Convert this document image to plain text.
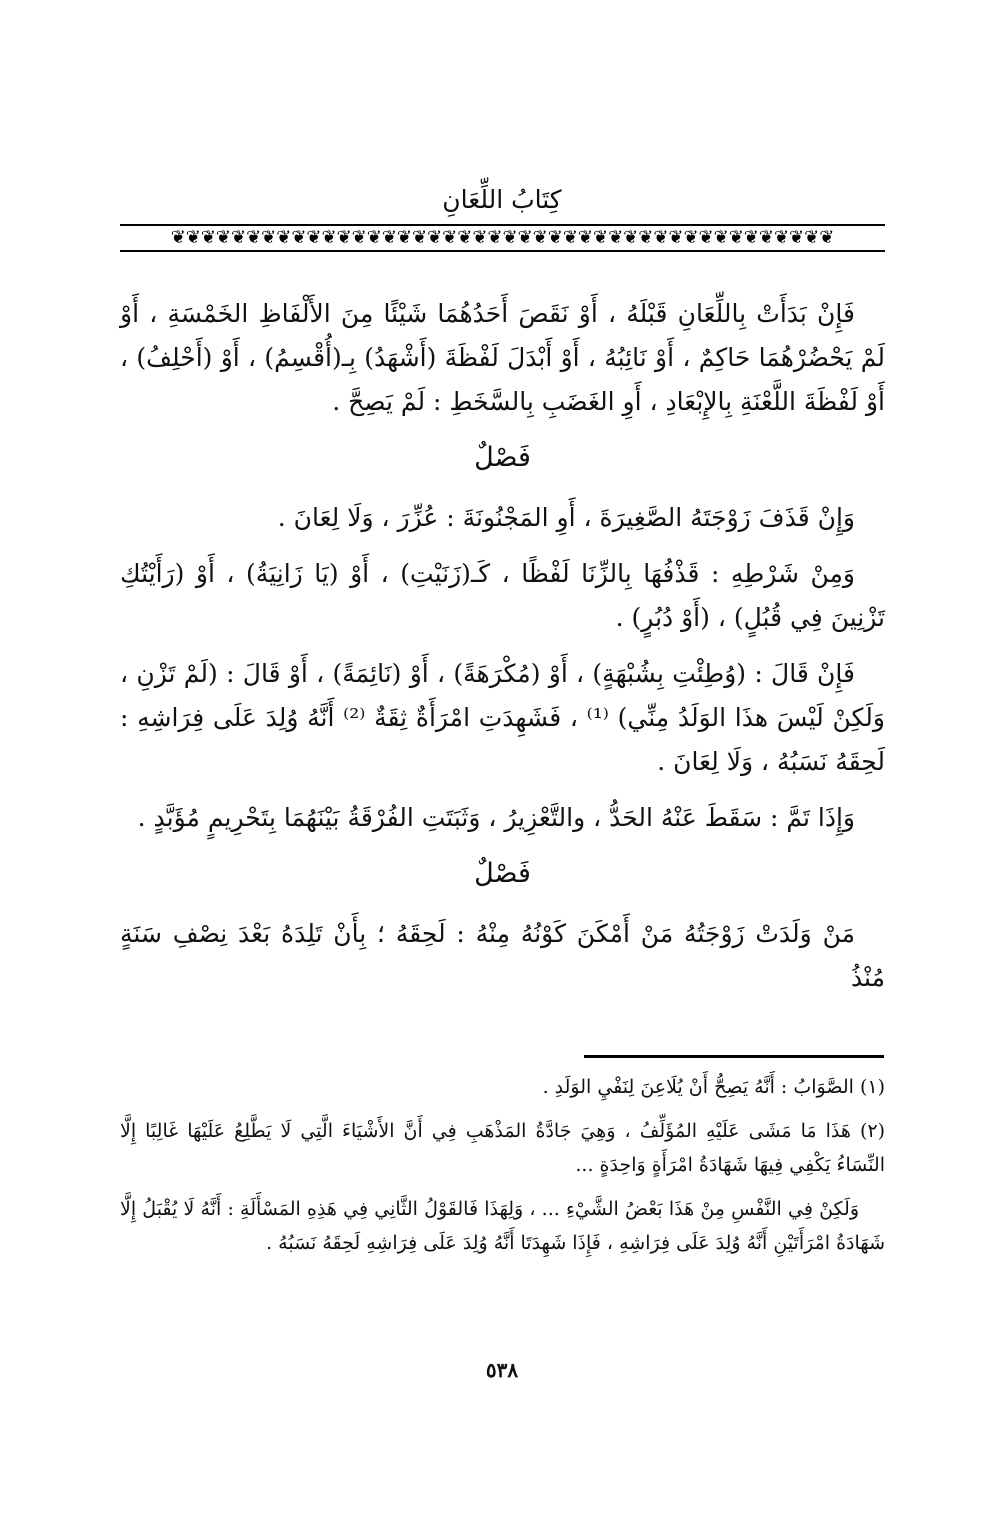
كِتَابُ اللِّعَانِ
❦❦❦❦❦❦❦❦❦❦❦❦❦❦❦❦❦❦❦❦❦❦❦❦❦❦❦❦❦❦❦❦❦❦❦❦❦❦❦❦❦❦❦❦

فَإِنْ بَدَأَتْ بِاللِّعَانِ قَبْلَهُ ، أَوْ نَقَصَ أَحَدُهُمَا شَيْئًا مِنَ الأَلْفَاظِ الخَمْسَةِ ، أَوْ لَمْ يَحْضُرْهُمَا حَاكِمٌ ، أَوْ نَائِبُهُ ، أَوْ أَبْدَلَ لَفْظَةَ (أَشْهَدُ) بِـ(أُقْسِمُ) ، أَوْ (أَحْلِفُ) ، أَوْ لَفْظَةَ اللَّعْنَةِ بِالإِبْعَادِ ، أَوِ الغَضَبِ بِالسَّخَطِ : لَمْ يَصِحَّ .

فَصْلٌ

وَإِنْ قَذَفَ زَوْجَتَهُ الصَّغِيرَةَ ، أَوِ المَجْنُونَةَ : عُزِّرَ ، وَلَا لِعَانَ .

وَمِنْ شَرْطِهِ : قَذْفُهَا بِالزِّنَا لَفْظًا ، كَـ(زَنَيْتِ) ، أَوْ (يَا زَانِيَةُ) ، أَوْ (رَأَيْتُكِ تَزْنِينَ فِي قُبُلٍ) ، (أَوْ دُبُرٍ) .

فَإِنْ قَالَ : (وُطِئْتِ بِشُبْهَةٍ) ، أَوْ (مُكْرَهَةً) ، أَوْ (نَائِمَةً) ، أَوْ قَالَ : (لَمْ تَزْنِ ، وَلَكِنْ لَيْسَ هذَا الوَلَدُ مِنِّي) ⁽¹⁾ ، فَشَهِدَتِ امْرَأَةٌ ثِقَةٌ ⁽²⁾ أَنَّهُ وُلِدَ عَلَى فِرَاشِهِ : لَحِقَهُ نَسَبُهُ ، وَلَا لِعَانَ .

وَإِذَا تَمَّ : سَقَطَ عَنْهُ الحَدُّ ، والتَّعْزِيرُ ، وَثَبَتَتِ الفُرْقَةُ بَيْنَهُمَا بِتَحْرِيمٍ مُؤَبَّدٍ .

فَصْلٌ

مَنْ وَلَدَتْ زَوْجَتُهُ مَنْ أَمْكَنَ كَوْنُهُ مِنْهُ : لَحِقَهُ ؛ بِأَنْ تَلِدَهُ بَعْدَ نِصْفِ سَنَةٍ مُنْذُ

(١) الصَّوَابُ : أَنَّهُ يَصِحُّ أَنْ يُلَاعِنَ لِنَفْيِ الوَلَدِ .

(٢) هَذَا مَا مَشَى عَلَيْهِ المُؤَلِّفُ ، وَهِيَ جَادَّةُ المَذْهَبِ فِي أَنَّ الأَشْيَاءَ الَّتِي لَا يَطَّلِعُ عَلَيْهَا غَالِبًا إِلَّا النِّسَاءُ يَكْفِي فِيهَا شَهَادَةُ امْرَأَةٍ وَاحِدَةٍ ...

وَلَكِنْ فِي النَّفْسِ مِنْ هَذَا بَعْضُ الشَّيْءِ ... ، وَلِهَذَا فَالقَوْلُ الثَّانِي فِي هَذِهِ المَسْأَلَةِ : أَنَّهُ لَا يُقْبَلُ إِلَّا شَهَادَةُ امْرَأَتَيْنِ أَنَّهُ وُلِدَ عَلَى فِرَاشِهِ ، فَإِذَا شَهِدَتَا أَنَّهُ وُلِدَ عَلَى فِرَاشِهِ لَحِقَهُ نَسَبُهُ .

٥٣٨
